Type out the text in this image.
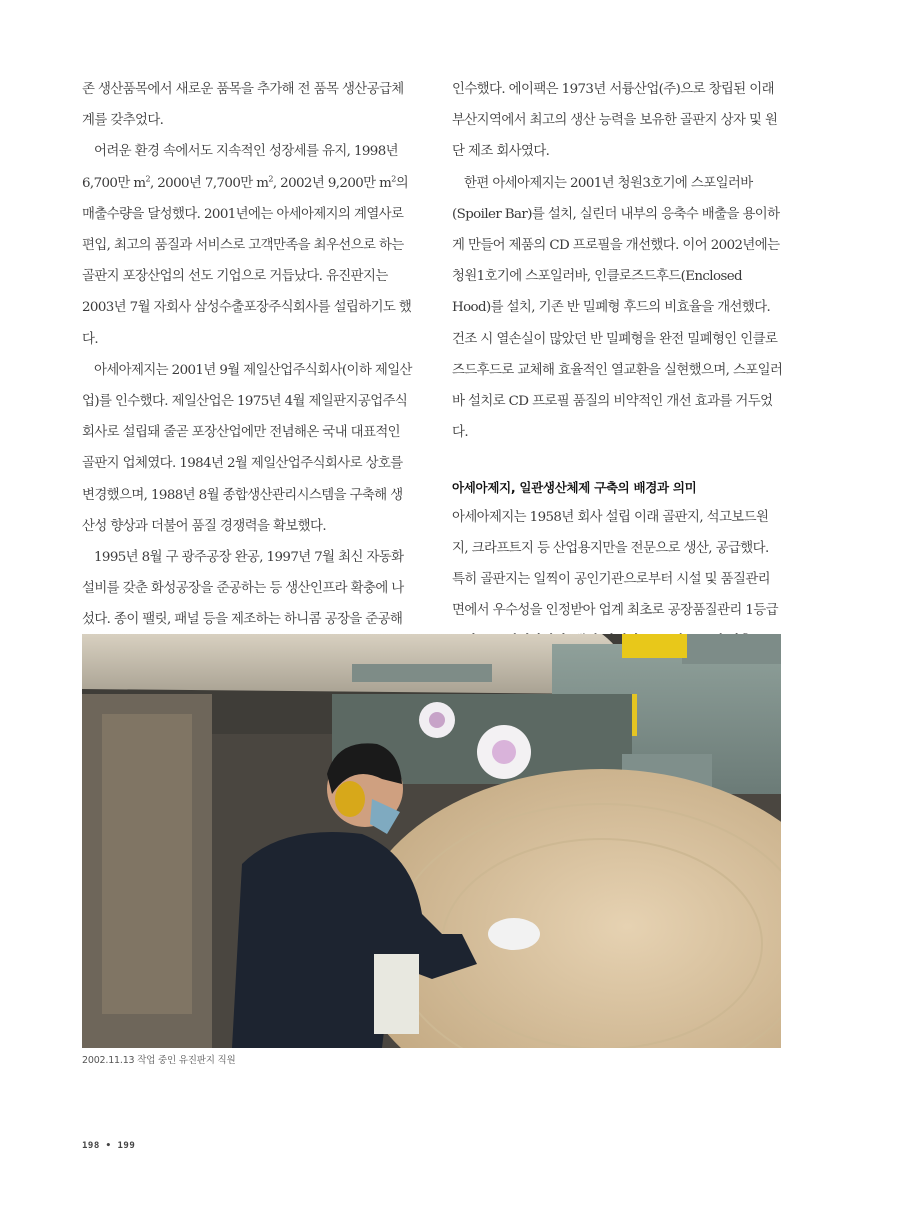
존 생산품목에서 새로운 품목을 추가해 전 품목 생산공급체계를 갖추었다.

어려운 환경 속에서도 지속적인 성장세를 유지, 1998년 6,700만 $m^2$, 2000년 7,700만 $m^2$, 2002년 9,200만 $m^2$의 매출수량을 달성했다. 2001년에는 아세아제지의 계열사로 편입, 최고의 품질과 서비스로 고객만족을 최우선으로 하는 골판지 포장산업의 선도 기업으로 거듭났다. 유진판지는 2003년 7월 자회사 삼성수출포장주식회사를 설립하기도 했다.

아세아제지는 2001년 9월 제일산업주식회사(이하 제일산업)를 인수했다. 제일산업은 1975년 4월 제일판지공업주식회사로 설립돼 줄곧 포장산업에만 전념해온 국내 대표적인 골판지 업체였다. 1984년 2월 제일산업주식회사로 상호를 변경했으며, 1988년 8월 종합생산관리시스템을 구축해 생산성 향상과 더불어 품질 경쟁력을 확보했다.

1995년 8월 구 광주공장 완공, 1997년 7월 최신 자동화 설비를 갖춘 화성공장을 준공하는 등 생산인프라 확충에 나섰다. 종이 팰릿, 패널 등을 제조하는 하니콤 공장을 준공해

인수했다. 에이팩은 1973년 서륭산업(주)으로 창립된 이래 부산지역에서 최고의 생산 능력을 보유한 골판지 상자 및 원단 제조 회사였다.

한편 아세아제지는 2001년 청원3호기에 스포일러바(Spoiler Bar)를 설치, 실린더 내부의 응축수 배출을 용이하게 만들어 제품의 CD 프로필을 개선했다. 이어 2002년에는 청원1호기에 스포일러바, 인클로즈드후드(Enclosed Hood)를 설치, 기존 반 밀폐형 후드의 비효율을 개선했다. 건조 시 열손실이 많았던 반 밀폐형을 완전 밀폐형인 인클로즈드후드로 교체해 효율적인 열교환을 실현했으며, 스포일러바 설치로 CD 프로필 품질의 비약적인 개선 효과를 거두었다.

아세아제지, 일관생산체제 구축의 배경과 의미

아세아제지는 1958년 회사 설립 이래 골판지, 석고보드원지, 크라프트지 등 산업용지만을 전문으로 생산, 공급했다. 특히 골판지는 일찍이 공인기관으로부터 시설 및 품질관리 면에서 우수성을 인정받아 업계 최초로 공장품질관리 1등급

2002.11.13 작업 중인 유진판지 직원
198 • 199
